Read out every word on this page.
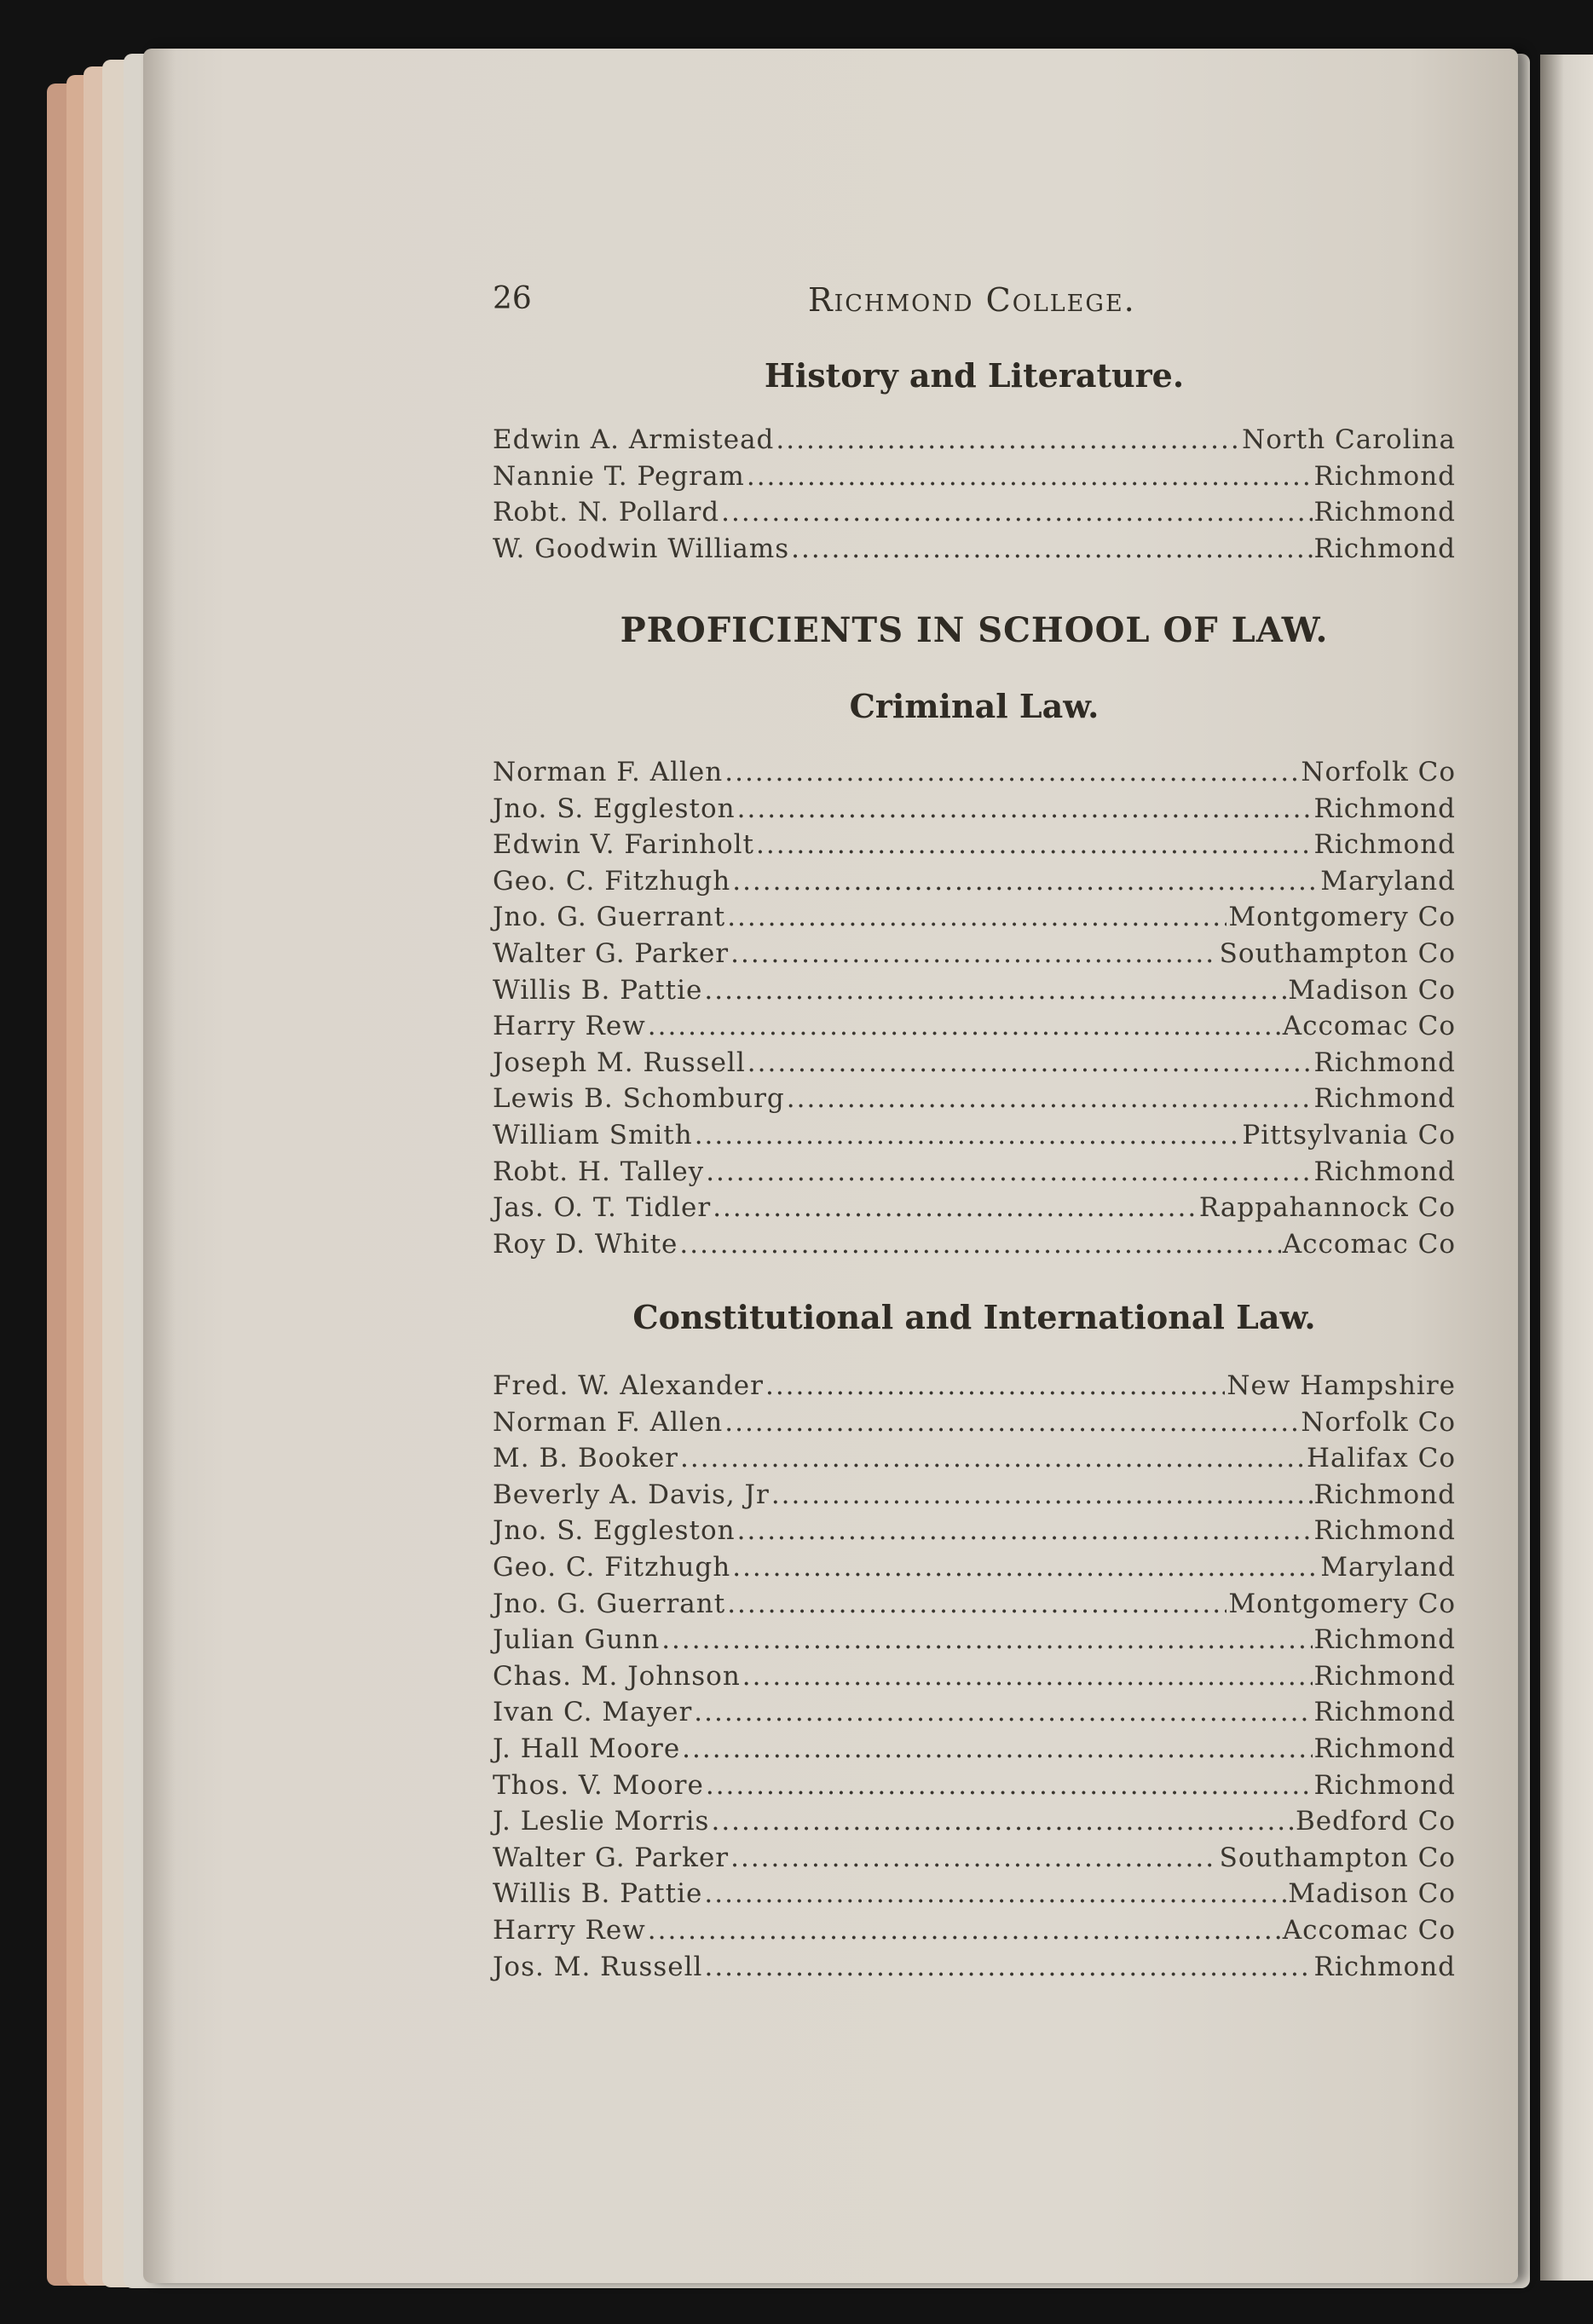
26	Richmond College.
History and Literature.
Edwin A. Armistead .....	North Carolina
Nannie T. Pegram .....	Richmond
Robt. N. Pollard .....	Richmond
W. Goodwin Williams .....	Richmond
PROFICIENTS IN SCHOOL OF LAW.
Criminal Law.
Norman F. Allen .....	Norfolk Co
Jno. S. Eggleston .....	Richmond
Edwin V. Farinholt .....	Richmond
Geo. C. Fitzhugh .....	Maryland
Jno. G. Guerrant .....	Montgomery Co
Walter G. Parker .....	Southampton Co
Willis B. Pattie .....	Madison Co
Harry Rew .....	Accomac Co
Joseph M. Russell .....	Richmond
Lewis B. Schomburg .....	Richmond
William Smith .....	Pittsylvania Co
Robt. H. Talley .....	Richmond
Jas. O. T. Tidler .....	Rappahannock Co
Roy D. White .....	Accomac Co
Constitutional and International Law.
Fred. W. Alexander .....	New Hampshire
Norman F. Allen .....	Norfolk Co
M. B. Booker .....	Halifax Co
Beverly A. Davis, Jr .....	Richmond
Jno. S. Eggleston .....	Richmond
Geo. C. Fitzhugh .....	Maryland
Jno. G. Guerrant .....	Montgomery Co
Julian Gunn .....	Richmond
Chas. M. Johnson .....	Richmond
Ivan C. Mayer .....	Richmond
J. Hall Moore .....	Richmond
Thos. V. Moore .....	Richmond
J. Leslie Morris .....	Bedford Co
Walter G. Parker .....	Southampton Co
Willis B. Pattie .....	Madison Co
Harry Rew .....	Accomac Co
Jos. M. Russell .....	Richmond
